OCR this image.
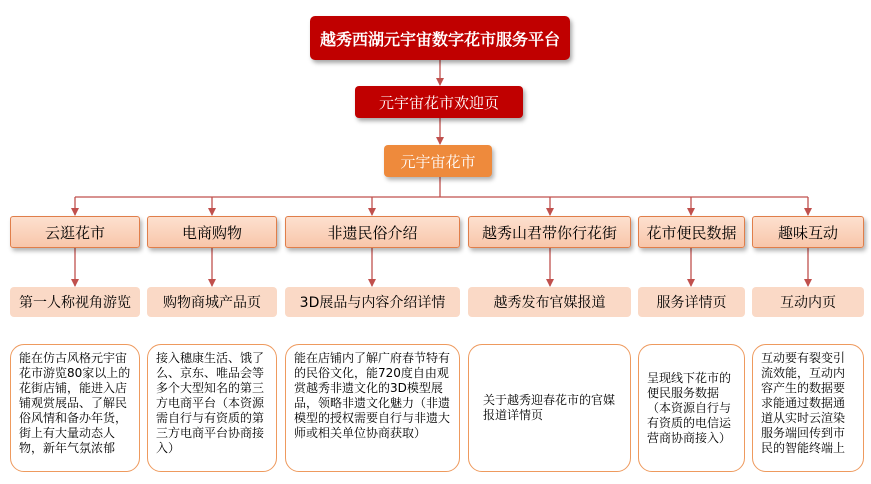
越秀西湖元宇宙数字花市服务平台
元宇宙花市欢迎页
元宇宙花市
云逛花市
第一人称视角游览
能在仿古风格元宇宙花市游览80家以上的花街店铺，能进入店铺观赏展品、了解民俗风情和备办年货，街上有大量动态人物，新年气氛浓郁
电商购物
购物商城产品页
接入穗康生活、饿了么、京东、唯品会等多个大型知名的第三方电商平台（本资源需自行与有资质的第三方电商平台协商接入）
非遗民俗介绍
3D展品与内容介绍详情
能在店铺内了解广府春节特有的民俗文化，能720度自由观赏越秀非遗文化的3D模型展品，领略非遗文化魅力（非遗模型的授权需要自行与非遗大师或相关单位协商获取）
越秀山君带你行花街
越秀发布官媒报道
关于越秀迎春花市的官媒报道详情页
花市便民数据
服务详情页
呈现线下花市的便民服务数据（本资源自行与有资质的电信运营商协商接入）
趣味互动
互动内页
互动要有裂变引流效能，互动内容产生的数据要求能通过数据通道从实时云渲染服务端回传到市民的智能终端上
